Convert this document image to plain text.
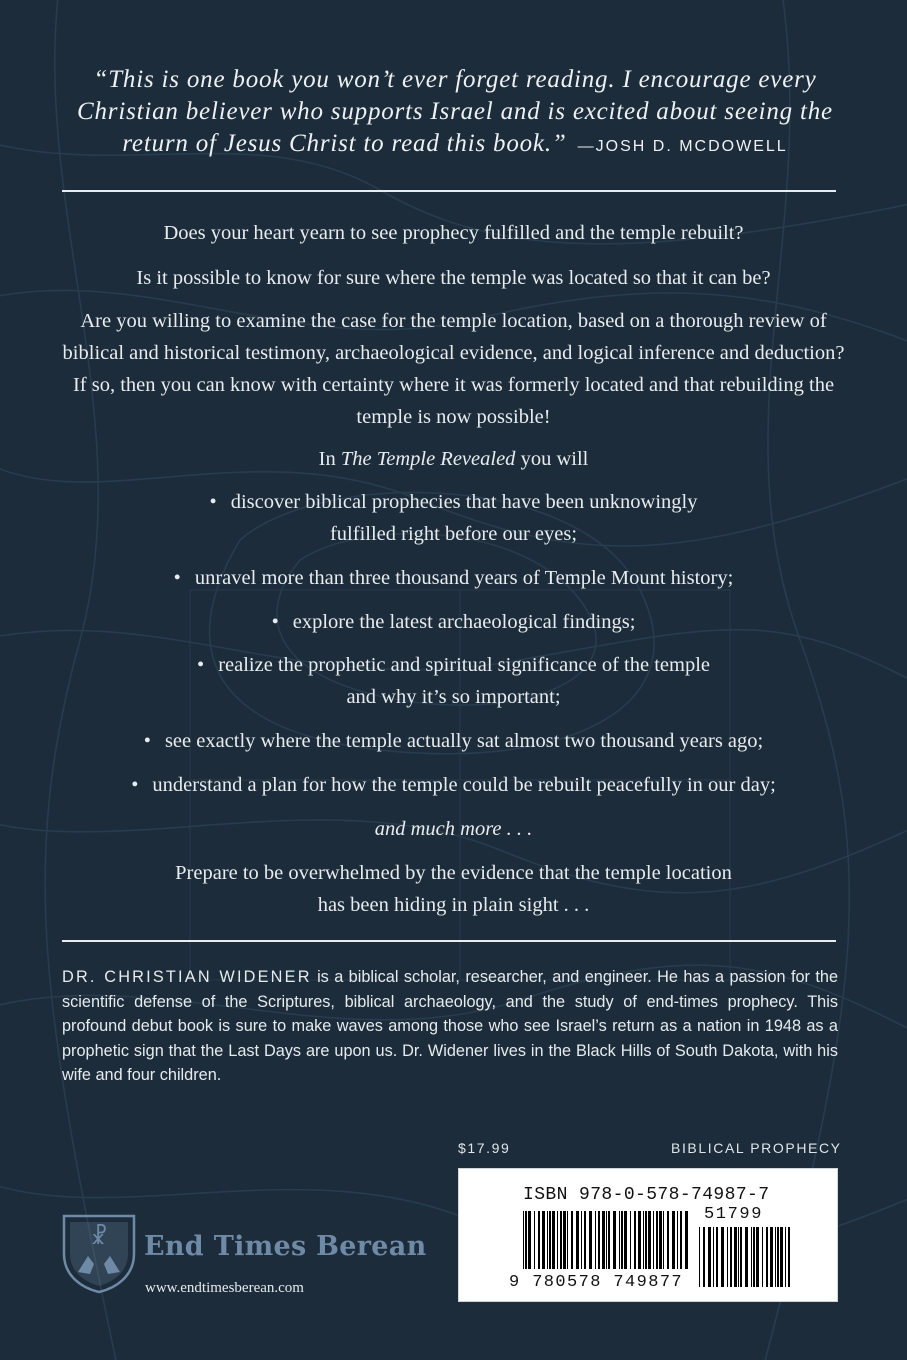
“This is one book you won’t ever forget reading. I encourage every Christian believer who supports Israel and is excited about seeing the return of Jesus Christ to read this book.” —JOSH D. MCDOWELL
Does your heart yearn to see prophecy fulfilled and the temple rebuilt?
Is it possible to know for sure where the temple was located so that it can be?
Are you willing to examine the case for the temple location, based on a thorough review of biblical and historical testimony, archaeological evidence, and logical inference and deduction? If so, then you can know with certainty where it was formerly located and that rebuilding the temple is now possible!
In The Temple Revealed you will
• discover biblical prophecies that have been unknowingly
fulfilled right before our eyes;
• unravel more than three thousand years of Temple Mount history;
• explore the latest archaeological findings;
• realize the prophetic and spiritual significance of the temple
and why it’s so important;
• see exactly where the temple actually sat almost two thousand years ago;
• understand a plan for how the temple could be rebuilt peacefully in our day;
and much more . . .
Prepare to be overwhelmed by the evidence that the temple location
has been hiding in plain sight . . .
DR. CHRISTIAN WIDENER is a biblical scholar, researcher, and engineer. He has a passion for the scientific defense of the Scriptures, biblical archaeology, and the study of end-times prophecy. This profound debut book is sure to make waves among those who see Israel’s return as a nation in 1948 as a prophetic sign that the Last Days are upon us. Dr. Widener lives in the Black Hills of South Dakota, with his wife and four children.
$17.99	BIBLICAL PROPHECY
ISBN 978-0-578-74987-7
51799
9 780578 749877
☧ End Times Berean
www.endtimesberean.com
